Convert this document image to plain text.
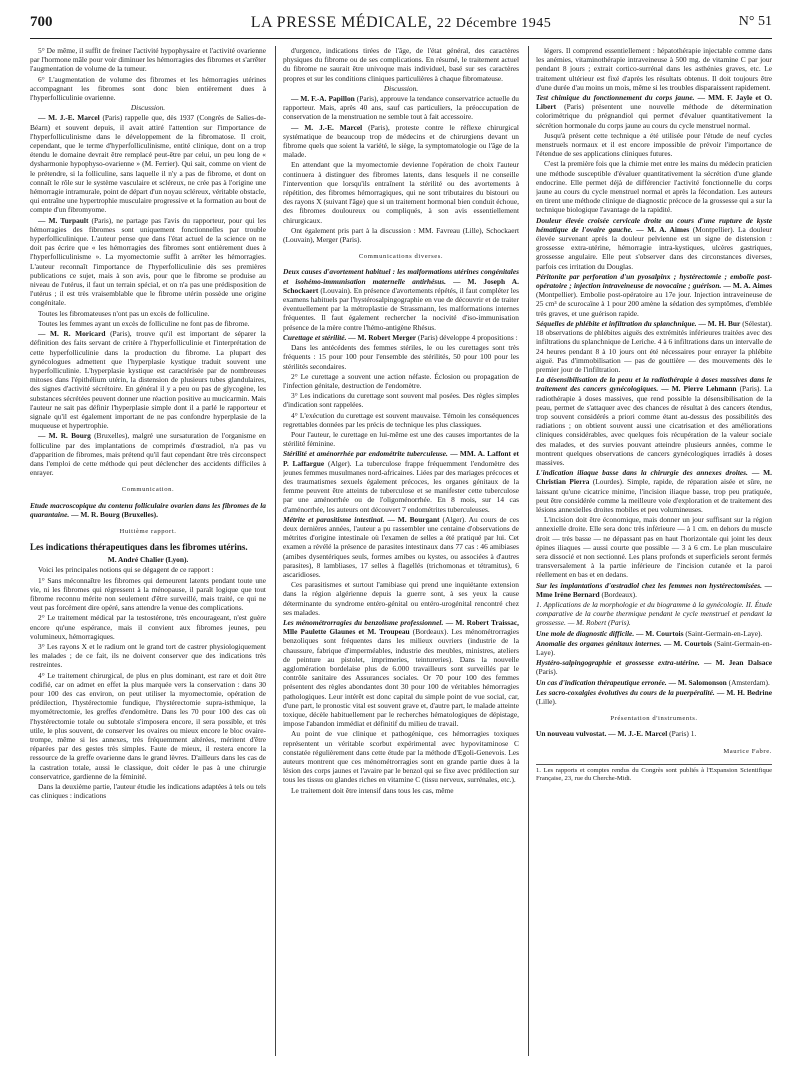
700	LA PRESSE MÉDICALE, 22 Décembre 1945	N° 51

5° De même, il suffit de freiner l'activité hypophysaire et l'activité ovarienne par l'hormone mâle pour voir diminuer les hémorragies des fibromes et s'arrêter l'augmentation de volume de la tumeur.

6° L'augmentation de volume des fibromes et les hémorragies utérines accompagnant les fibromes sont donc bien entièrement dues à l'hyperfolliculinie ovarienne.

Discussion.

— M. J.-E. Marcel (Paris) rappelle que, dès 1937 (Congrès de Salies-de-Béarn) et souvent depuis, il avait attiré l'attention sur l'importance de l'hyperfolliculinisme dans le développement de la fibromatose. Il croit, cependant, que le terme d'hyperfolliculinisme, entité clinique, dont on a trop étendu le domaine devrait être remplacé peut-être par celui, un peu long de « dysharmonie hypophyso-ovarienne » (M. Ferrier). Qui sait, comme on vient de le prétendre, si la folliculine, sans laquelle il n'y a pas de fibrome, et dont on connaît le rôle sur le système vasculaire et scléreux, ne crée pas à l'origine une hémorragie intramurale, point de départ d'un noyau scléreux, véritable obstacle, qui entraîne une hypertrophie musculaire progressive et la formation au bout de compte d'un fibromyome.

— M. Turpault (Paris), ne partage pas l'avis du rapporteur, pour qui les hémorragies des fibromes sont uniquement fonctionnelles par trouble hyperfolliculinique. L'auteur pense que dans l'état actuel de la science on ne doit pas écrire que « les hémorragies des fibromes sont entièrement dues à l'hyperfolliculinisme ». La myomectomie suffit à arrêter les hémorragies. L'auteur reconnaît l'importance de l'hyperfolliculinie dès ses premières publications ce sujet, mais à son avis, pour que le fibrome se produise au niveau de l'utérus, il faut un terrain spécial, et on n'a pas une prédisposition de l'utérus ; il est très vraisemblable que le fibrome utérin possède une origine congénitale.

Toutes les fibromateuses n'ont pas un excès de folliculine.

Toutes les femmes ayant un excès de folliculine ne font pas de fibrome.

— M. R. Moricard (Paris), trouve qu'il est important de séparer la définition des faits servant de critère à l'hyperfolliculinie et l'interprétation de cette hyperfolliculinie dans la production du fibrome. La plupart des gynécologues admettent que l'hyperplasie kystique traduit souvent une hyperfolliculinie. L'hyperplasie kystique est caractérisée par de nombreuses mitoses dans l'épithélium utérin, la distension de plusieurs tubes glandulaires, des signes d'activité sécrétoire. En général il y a peu ou pas de glycogène, les substances sécrétées peuvent donner une réaction positive au mucicarmin. Mais l'auteur ne sait pas définir l'hyperplasie simple dont il a parlé le rapporteur et signale qu'il est également important de ne pas confondre hyperplasie de la muqueuse et hypertrophie.

— M. R. Bourg (Bruxelles), malgré une sursaturation de l'organisme en folliculine par des implantations de comprimés d'œstradiol, n'a pas vu d'apparition de fibromes, mais prétend qu'il faut cependant être très circonspect dans l'emploi de cette méthode qui peut déclencher des accidents difficiles à enrayer.

Communication.

Etude macroscopique du contenu folliculaire ovarien dans les fibromes de la quarantaine. — M. R. Bourg (Bruxelles).

Huitième rapport.

Les indications thérapeutiques dans les fibromes utérins.

M. André Chalier (Lyon).

Voici les principales notions qui se dégagent de ce rapport :

1° Sans méconnaître les fibromes qui demeurent latents pendant toute une vie, ni les fibromes qui régressent à la ménopause, il paraît logique que tout fibrome reconnu mérite non seulement d'être surveillé, mais traité, ce qui ne veut pas forcément dire opéré, sans attendre la venue des complications.

2° Le traitement médical par la testostérone, très encourageant, n'est guère encore qu'une espérance, mais il convient aux fibromes jeunes, peu volumineux, hémorragiques.

3° Les rayons X et le radium ont le grand tort de castrer physiologiquement les malades ; de ce fait, ils ne doivent conserver que des indications très restreintes.

4° Le traitement chirurgical, de plus en plus dominant, est rare et doit être codifié, car on admet en effet la plus marquée vers la conservation : dans 30 pour 100 des cas environ, on peut utiliser la myomectomie, opération de prédilection, l'hystérectomie fundique, l'hystérectomie supra-isthmique, la myométrectomie, les greffes d'endomètre. Dans les 70 pour 100 des cas où l'hystérectomie totale ou subtotale s'imposera encore, il sera possible, et très utile, le plus souvent, de conserver les ovaires ou mieux encore le bloc ovaire-trompe, même si les annexes, très fréquemment altérées, méritent d'être réparées par des gestes très simples. Faute de mieux, il restera encore la ressource de la greffe ovarienne dans le grand lèvres. D'ailleurs dans les cas de la castration totale, aussi le classique, doit céder le pas à une chirurgie conservatrice, gardienne de la féminité.

Dans la deuxième partie, l'auteur étudie les indications adaptées à tels ou tels cas cliniques : indications

d'urgence, indications tirées de l'âge, de l'état général, des caractères physiques du fibrome ou de ses complications. En résumé, le traitement actuel du fibrome ne saurait être univoque mais individuel, basé sur ses caractères propres et sur les conditions cliniques particulières à chaque fibromateuse.

Discussion.

— M. F.-A. Papillon (Paris), approuve la tendance conservatrice actuelle du rapporteur. Mais, après 40 ans, sauf cas particuliers, la préoccupation de conservation de la menstruation ne semble tout à fait accessoire.

— M. J.-E. Marcel (Paris), proteste contre le réflexe chirurgical systématique de beaucoup trop de médecins et de chirurgiens devant un fibrome quels que soient la variété, le siège, la symptomatologie ou l'âge de la malade.

En attendant que la myomectomie devienne l'opération de choix l'auteur continuera à distinguer des fibromes latents, dans lesquels il ne conseille l'intervention que lorsqu'ils entraînent la stérilité ou des avortements à répétition, des fibromes hémorragiques, qui ne sont tributaires du bistouri ou des rayons X (suivant l'âge) que si un traitement hormonal bien conduit échoue, des fibromes douloureux ou compliqués, à son avis essentiellement chirurgicaux.

Ont également pris part à la discussion : MM. Favreau (Lille), Schockaert (Louvain), Merger (Paris).

Communications diverses.

Deux causes d'avortement habituel : les malformations utérines congénitales et isohémo-immunisation maternelle antirhésus. — M. Joseph A. Schockaert (Louvain). En présence d'avortements répétés, il faut compléter les examens habituels par l'hystérosalpingographie en vue de découvrir et de traiter éventuellement par la métroplastie de Strassmann, les malformations internes fréquentes. Il faut également rechercher la nocivité d'iso-immunisation présence de la mère contre l'hémo-antigène Rhésus.

Curettage et stérilité. — M. Robert Merger (Paris) développe 4 propositions :

Dans les antécédents des femmes stériles, le ou les curettages sont très fréquents : 15 pour 100 pour l'ensemble des stérilités, 50 pour 100 pour les stérilités secondaires.

2° Le curettage a souvent une action néfaste. Éclosion ou propagation de l'infection génitale, destruction de l'endomètre.

3° Les indications du curettage sont souvent mal posées. Des règles simples d'indication sont rappelées.

4° L'exécution du curettage est souvent mauvaise. Témoin les conséquences regrettables données par les précis de technique les plus classiques.

Pour l'auteur, le curettage en lui-même est une des causes importantes de la stérilité féminine.

Stérilité et aménorrhée par endométrite tuberculeuse. — MM. A. Laffont et P. Laffargue (Alger). La tuberculose frappe fréquemment l'endomètre des jeunes femmes musulmanes nord-africaines. Liées par des mariages précoces et des traumatismes sexuels également précoces, les organes génitaux de la femme peuvent être atteints de tuberculose et se manifester cette tuberculose par une aménorrhée ou de l'oligoménorrhée. En 8 mois, sur 14 cas d'aménorrhée, les auteurs ont découvert 7 endométrites tuberculeuses.

Métrite et parasitisme intestinal. — M. Bourgant (Alger). Au cours de ces deux dernières années, l'auteur a pu rassembler une centaine d'observations de métrites d'origine intestinale où l'examen de selles a été pratiqué par lui. Cet examen a révélé la présence de parasites intestinaux dans 77 cas : 46 amibiases (amibes dysentériques seuls, formes amibes ou kystes, ou associées à d'autres parasites), 8 lambliases, 17 selles à flagellés (trichomonas et tétramitus), 6 ascaridioses.

Ces parasitismes et surtout l'amibiase qui prend une inquiétante extension dans la région algérienne depuis la guerre sont, à ses yeux la cause déterminante du syndrome entéro-génital ou entéro-urogénital rencontré chez ses malades.

Les ménométrorragies du benzolisme professionnel. — M. Robert Traissac, Mlle Paulette Glaunes et M. Troupeau (Bordeaux). Les ménométrorragies benzoliques sont fréquentes dans les milieux ouvriers (industrie de la chaussure, fabrique d'imperméables, industrie des meubles, ministres, ateliers de peinture au pistolet, imprimeries, teintureries). Dans la nouvelle agglomération bordelaise plus de 6.000 travailleurs sont surveillés par le contrôle sanitaire des Assurances sociales. Or 70 pour 100 des femmes présentent des règles abondantes dont 30 pour 100 de véritables hémorragies pathologiques. Leur intérêt est donc capital du simple point de vue social, car, d'une part, le pronostic vital est souvent grave et, d'autre part, le malade atteinte toxique, décèle habituellement par le recherches hématologiques de dépistage, impose l'abandon immédiat et définitif du milieu de travail.

Au point de vue clinique et pathogénique, ces hémorragies toxiques représentent un véritable scorbut expérimental avec hypovitaminose C constatée régulièrement dans cette étude par la méthode d'Egoli-Genevois. Les auteurs montrent que ces ménométrorragies sont en grande partie dues à la lésion des corps jaunes et l'avaire par le benzol qui se fixe avec prédilection sur tous les tissus ou glandes riches en vitamine C (tissu nerveux, surrénales, etc.).

Le traitement doit être intensif dans tous les cas, même

légers. Il comprend essentiellement : hépatothérapie injectable comme dans les anémies, vitaminothérapie intraveineuse à 500 mg. de vitamine C par jour pendant 8 jours ; extrait cortico-surrénal dans les asthénies graves, etc. Le traitement ultérieur est fixé d'après les résultats obtenus. Il doit toujours être d'une durée d'au moins un mois, même si les troubles disparaissent rapidement.

Test chimique du fonctionnement du corps jaune. — MM. F. Jayle et O. Libert (Paris) présentent une nouvelle méthode de détermination colorimétrique du prégnandiol qui permet d'évaluer quantitativement la sécrétion hormonale du corps jaune au cours du cycle menstruel normal.

Jusqu'à présent cette technique a été utilisée pour l'étude de neuf cycles menstruels normaux et il est encore impossible de prévoir l'importance de l'étendue de ses applications cliniques futures.

C'est la première fois que la chimie met entre les mains du médecin praticien une méthode susceptible d'évaluer quantitativement la sécrétion d'une glande endocrine. Elle permet déjà de différencier l'activité fonctionnelle du corps jaune au cours du cycle menstruel normal et après la fécondation. Les auteurs en tirent une méthode clinique de diagnostic précoce de la grossesse qui a sur la technique biologique l'avantage de la rapidité.

Douleur élevée croisée cervicale droite au cours d'une rupture de kyste hématique de l'ovaire gauche. — M. A. Aimes (Montpellier). La douleur élevée survenant après la douleur pelvienne est un signe de distension : grossesse extra-utérine, hémorragie intra-kystiques, ulcères gastriques, grossesse angulaire. Elle peut s'observer dans des circonstances diverses, parfois ces irritation du Douglas.

Péritonite par perforation d'un pyosalpinx ; hystérectomie ; embolie post-opératoire ; injection intraveineuse de novocaïne ; guérison. — M. A. Aimes (Montpellier). Embolie post-opératoire au 17e jour. Injection intraveineuse de 25 cm³ de scurocaïne à 1 pour 200 amène la sédation des symptômes, d'emblée très graves, et une guérison rapide.

Séquelles de phlébite et infiltration du splanchnique. — M. H. Bur (Sélestat). 18 observations de phlébites aiguës des extrémités inférieures traitées avec des infiltrations du splanchnique de Leriche. 4 à 6 infiltrations dans un intervalle de 24 heures pendant 8 à 10 jours ont été nécessaires pour enrayer la phlébite aiguë. Pas d'immobilisation — pas de gouttière — des mouvements dès le premier jour de l'infiltration.

La désensibilisation de la peau et la radiothérapie à doses massives dans le traitement des cancers gynécologiques. — M. Pierre Lehmann (Paris). La radiothérapie à doses massives, que rend possible la désensibilisation de la peau, permet de s'attaquer avec des chances de résultat à des cancers étendus, trop souvent considérés a priori comme étant au-dessus des possibilités des radiations ; on obtient souvent aussi une cicatrisation et des améliorations cliniques considérables, avec quelques fois récupération de la valeur sociale des malades, et des survies pouvant atteindre plusieurs années, comme le montrent quelques observations de cancers gynécologiques irradiés à doses massives.

L'indication iliaque basse dans la chirurgie des annexes droites. — M. Christian Pierra (Lourdes). Simple, rapide, de réparation aisée et sûre, ne laissant qu'une cicatrice minime, l'incision iliaque basse, trop peu pratiquée, peut être considérée comme la meilleure voie d'exploration et de traitement des lésions annexielles droites mobiles et peu volumineuses.

L'incision doit être économique, mais donner un jour suffisant sur la région annexielle droite. Elle sera donc très inférieure — à 1 cm. en dehors du muscle droit — très basse — ne dépassant pas en haut l'horizontale qui joint les deux épines iliaques — aussi courte que possible — 3 à 6 cm. Le plan musculaire sera dissocié et non sectionné. Les plans profonds et superficiels seront fermés transversalement à la partie inférieure de l'incision cutanée et la paroi réellement en bas et en dedans.

Sur les implantations d'œstradiol chez les femmes non hystérectomisées. — Mme Irène Bernard (Bordeaux).

1. Applications de la morphologie et du biogramme à la gynécologie. II. Étude comparative de la courbe thermique pendant le cycle menstruel et pendant la grossesse. — M. Robert (Paris).

Une mole de diagnostic difficile. — M. Courtois (Saint-Germain-en-Laye).

Anomalie des organes génitaux internes. — M. Courtois (Saint-Germain-en-Laye).

Hystéro-salpingographie et grossesse extra-utérine. — M. Jean Dalsace (Paris).

Un cas d'indication thérapeutique erronée. — M. Salomonson (Amsterdam).

Les sacro-coxalgies évolutives du cours de la puerpéralité. — M. H. Bedrine (Lille).

Présentation d'instruments.

Un nouveau vulvostat. — M. J.-E. Marcel (Paris) 1.

Maurice Fabre.

1. Les rapports et comptes rendus du Congrès sont publiés à l'Expansion Scientifique Française, 23, rue du Cherche-Midi.
